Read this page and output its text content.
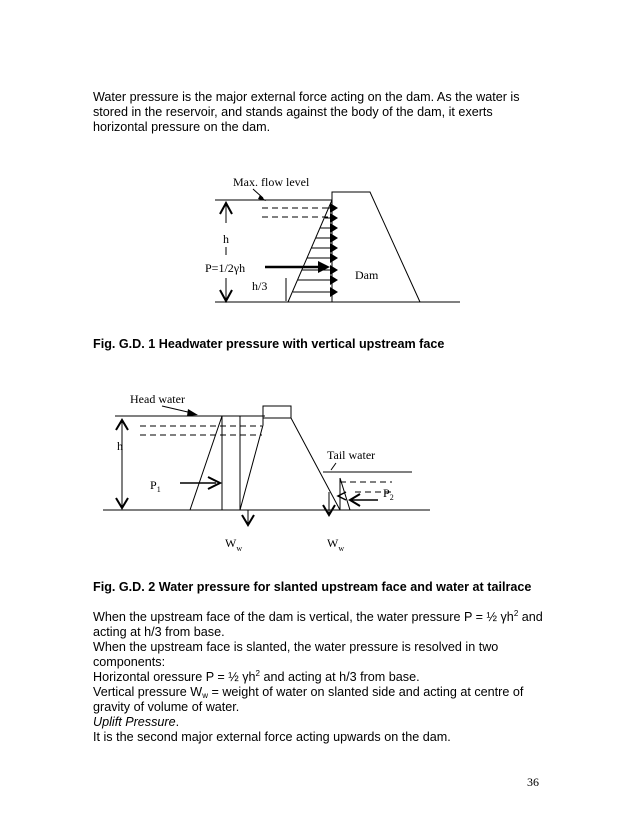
Water pressure is the major external force acting on the dam. As the water is
stored in the reservoir, and stands against the body of the dam, it exerts
horizontal pressure on the dam.
Max. flow level
h
P=1/2γh
h/3
Dam
Head water
h
$P_1$
$W_w$
Tail water
$P_2$
$W_w$
Fig. G.D. 1 Headwater pressure with vertical upstream face
Fig. G.D. 2 Water pressure for slanted upstream face and water at tailrace
When the upstream face of the dam is vertical, the water pressure P = ½ $\gamma h^2$ and
acting at h/3 from base.
When the upstream face is slanted, the water pressure is resolved in two
components:
Horizontal oressure P = ½ $\gamma h^2$ and acting at h/3 from base.
Vertical pressure $W_w$ = weight of water on slanted side and acting at centre of
gravity of volume of water.
Uplift Pressure.
It is the second major external force acting upwards on the dam.
36
